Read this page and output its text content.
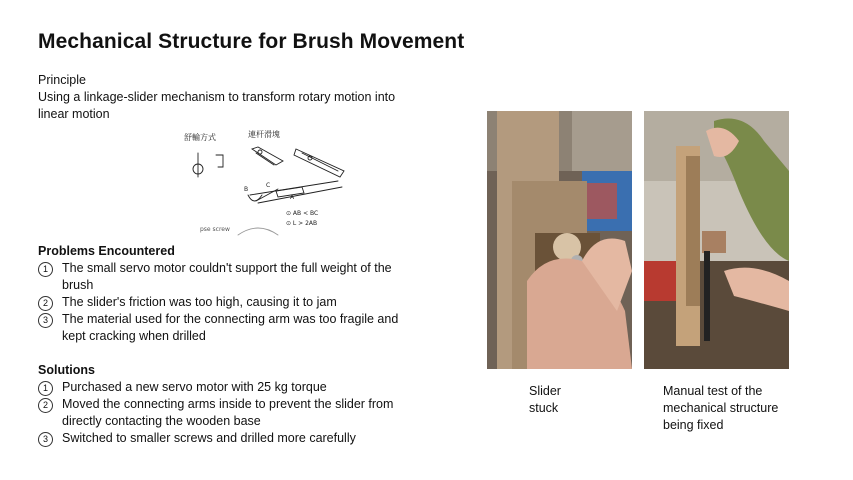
Mechanical Structure for Brush Movement
Principle
Using a linkage-slider mechanism to transform rotary motion into linear motion
舒輸方式	連杆滑塊
B
C
A
⊙ AB < BC
⊙ L > 2AB
pse screw
Problems Encountered
1	The small servo motor couldn't support the full weight of the brush
2	The slider's friction was too high, causing it to jam
3	The material used for the connecting arm was too fragile and kept cracking when drilled
Solutions
1	Purchased a new servo motor with 25 kg torque
2	Moved the connecting arms inside to prevent the slider from directly contacting the wooden base
3	Switched to smaller screws and drilled more carefully
Slider stuck
Manual test of the mechanical structure being fixed
